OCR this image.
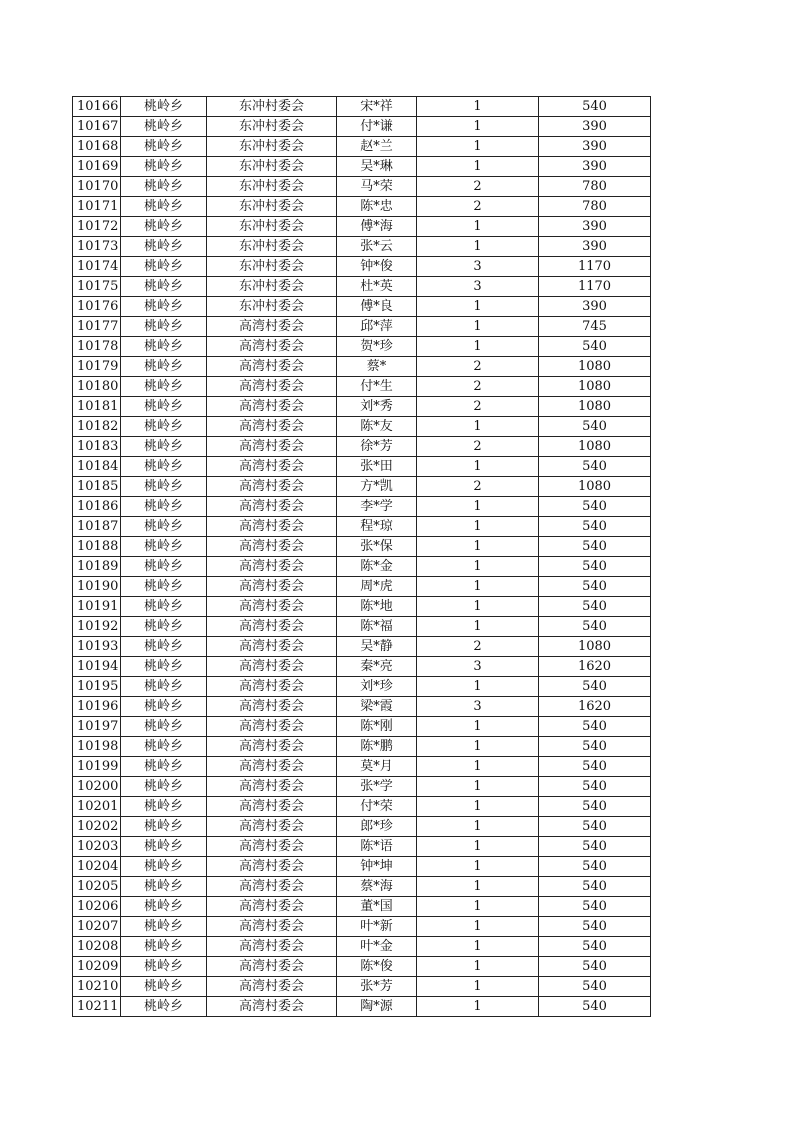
10166	桃岭乡	东冲村委会	宋*祥	1	540
10167	桃岭乡	东冲村委会	付*谦	1	390
10168	桃岭乡	东冲村委会	赵*兰	1	390
10169	桃岭乡	东冲村委会	吴*琳	1	390
10170	桃岭乡	东冲村委会	马*荣	2	780
10171	桃岭乡	东冲村委会	陈*忠	2	780
10172	桃岭乡	东冲村委会	傅*海	1	390
10173	桃岭乡	东冲村委会	张*云	1	390
10174	桃岭乡	东冲村委会	钟*俊	3	1170
10175	桃岭乡	东冲村委会	杜*英	3	1170
10176	桃岭乡	东冲村委会	傅*良	1	390
10177	桃岭乡	高湾村委会	邱*萍	1	745
10178	桃岭乡	高湾村委会	贺*珍	1	540
10179	桃岭乡	高湾村委会	蔡*	2	1080
10180	桃岭乡	高湾村委会	付*生	2	1080
10181	桃岭乡	高湾村委会	刘*秀	2	1080
10182	桃岭乡	高湾村委会	陈*友	1	540
10183	桃岭乡	高湾村委会	徐*芳	2	1080
10184	桃岭乡	高湾村委会	张*田	1	540
10185	桃岭乡	高湾村委会	方*凯	2	1080
10186	桃岭乡	高湾村委会	李*学	1	540
10187	桃岭乡	高湾村委会	程*琼	1	540
10188	桃岭乡	高湾村委会	张*保	1	540
10189	桃岭乡	高湾村委会	陈*金	1	540
10190	桃岭乡	高湾村委会	周*虎	1	540
10191	桃岭乡	高湾村委会	陈*地	1	540
10192	桃岭乡	高湾村委会	陈*福	1	540
10193	桃岭乡	高湾村委会	吴*静	2	1080
10194	桃岭乡	高湾村委会	秦*亮	3	1620
10195	桃岭乡	高湾村委会	刘*珍	1	540
10196	桃岭乡	高湾村委会	梁*霞	3	1620
10197	桃岭乡	高湾村委会	陈*刚	1	540
10198	桃岭乡	高湾村委会	陈*鹏	1	540
10199	桃岭乡	高湾村委会	莫*月	1	540
10200	桃岭乡	高湾村委会	张*学	1	540
10201	桃岭乡	高湾村委会	付*荣	1	540
10202	桃岭乡	高湾村委会	郎*珍	1	540
10203	桃岭乡	高湾村委会	陈*语	1	540
10204	桃岭乡	高湾村委会	钟*坤	1	540
10205	桃岭乡	高湾村委会	蔡*海	1	540
10206	桃岭乡	高湾村委会	董*国	1	540
10207	桃岭乡	高湾村委会	叶*新	1	540
10208	桃岭乡	高湾村委会	叶*金	1	540
10209	桃岭乡	高湾村委会	陈*俊	1	540
10210	桃岭乡	高湾村委会	张*芳	1	540
10211	桃岭乡	高湾村委会	陶*源	1	540
